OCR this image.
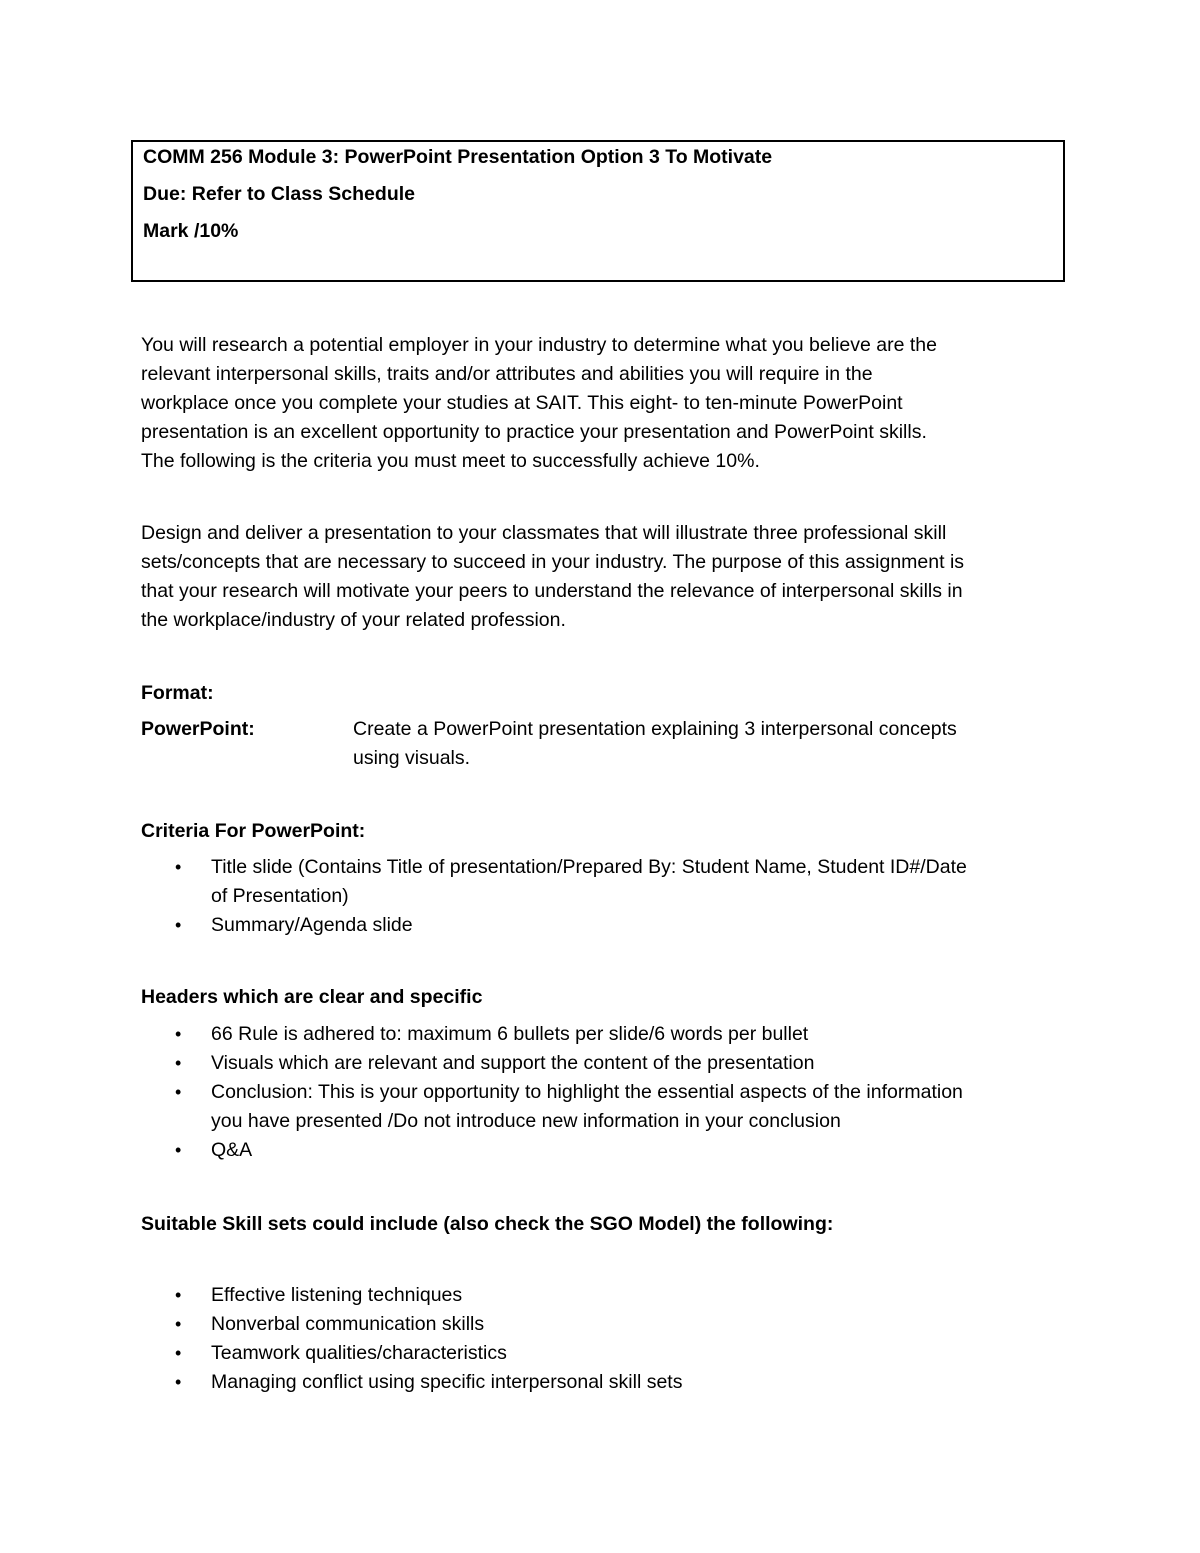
COMM 256 Module 3: PowerPoint Presentation Option 3 To Motivate
Due: Refer to Class Schedule
Mark /10%
You will research a potential employer in your industry to determine what you believe are the
relevant interpersonal skills, traits and/or attributes and abilities you will require in the
workplace once you complete your studies at SAIT. This eight- to ten-minute PowerPoint
presentation is an excellent opportunity to practice your presentation and PowerPoint skills.
The following is the criteria you must meet to successfully achieve 10%.
Design and deliver a presentation to your classmates that will illustrate three professional skill
sets/concepts that are necessary to succeed in your industry. The purpose of this assignment is
that your research will motivate your peers to understand the relevance of interpersonal skills in
the workplace/industry of your related profession.
Format:
PowerPoint:	Create a PowerPoint presentation explaining 3 interpersonal concepts
using visuals.
Criteria For PowerPoint:
• Title slide (Contains Title of presentation/Prepared By: Student Name, Student ID#/Date
of Presentation)
• Summary/Agenda slide
Headers which are clear and specific
• 66 Rule is adhered to: maximum 6 bullets per slide/6 words per bullet
• Visuals which are relevant and support the content of the presentation
• Conclusion: This is your opportunity to highlight the essential aspects of the information
you have presented /Do not introduce new information in your conclusion
• Q&A
Suitable Skill sets could include (also check the SGO Model) the following:
• Effective listening techniques
• Nonverbal communication skills
• Teamwork qualities/characteristics
• Managing conflict using specific interpersonal skill sets
